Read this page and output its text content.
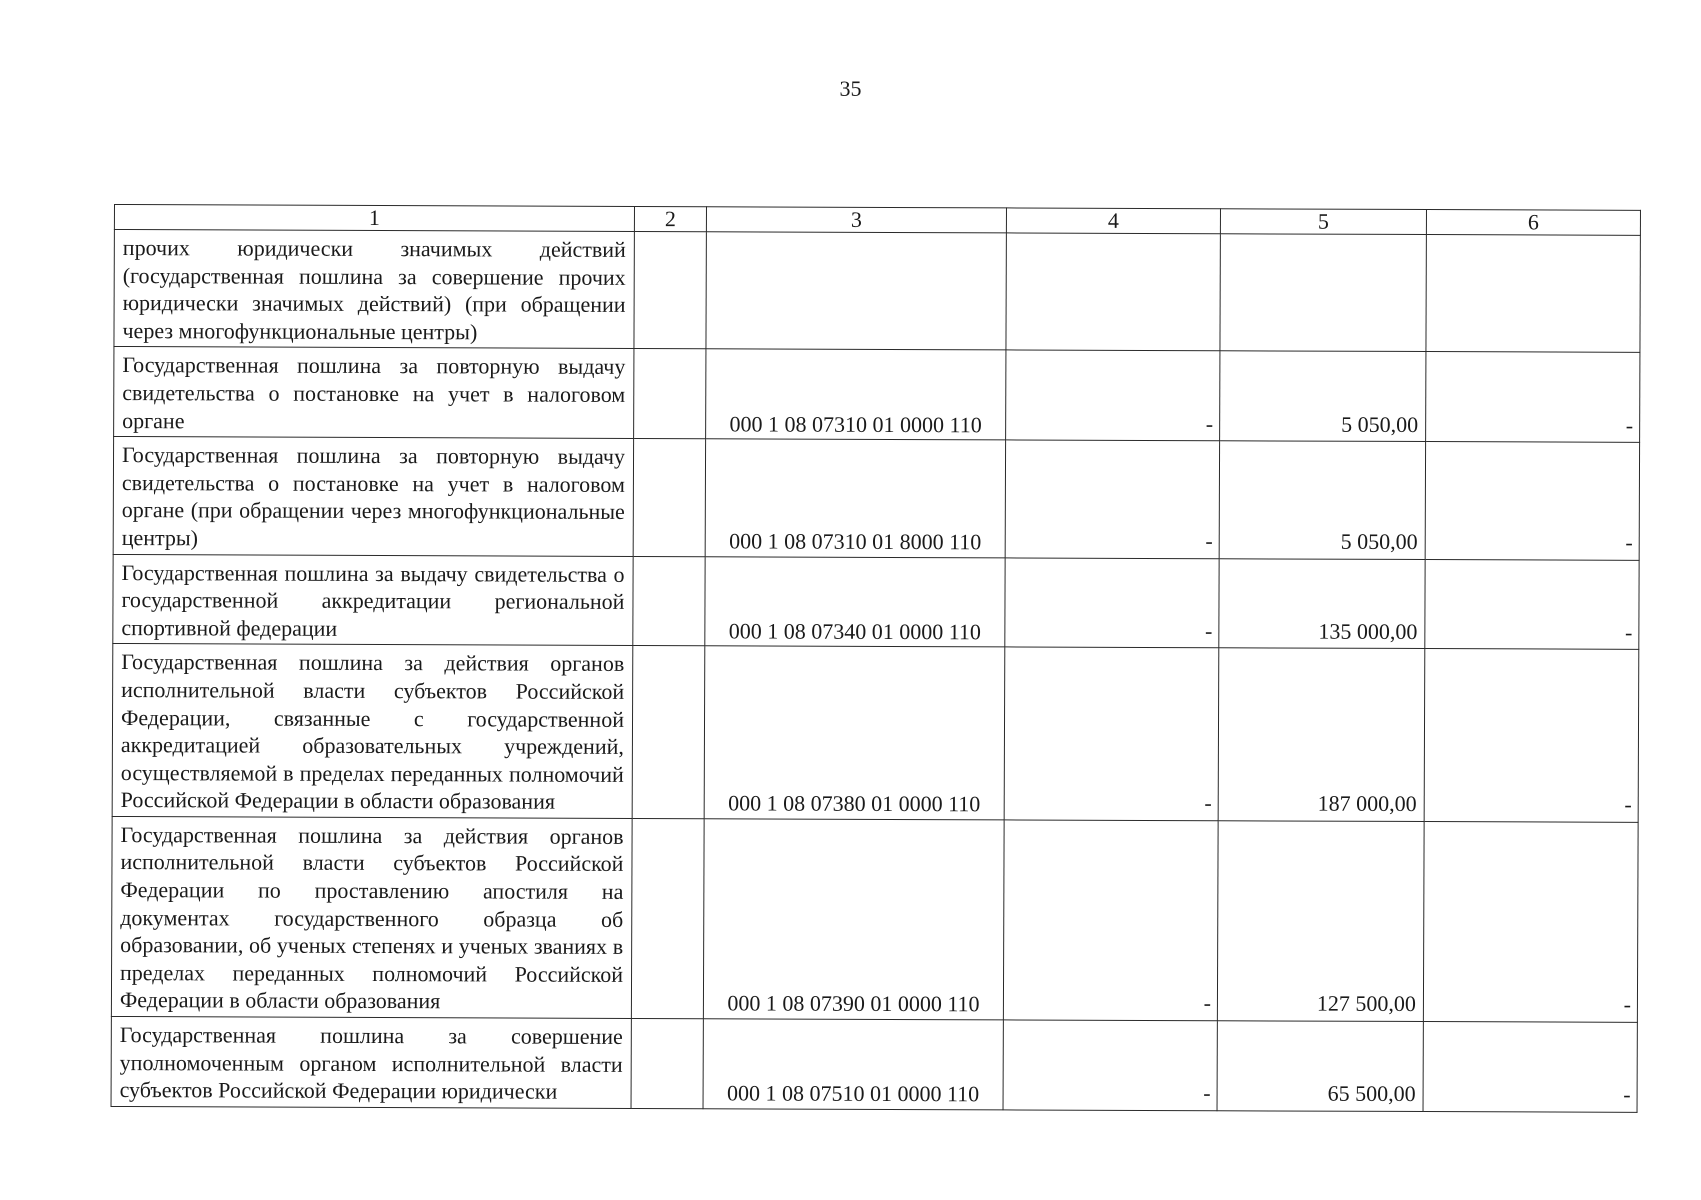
35
1	2	3	4	5	6
прочих юридически значимых действий (государственная пошлина за совершение прочих юридически значимых действий) (при обращении через многофункциональные центры)					
Государственная пошлина за повторную выдачу свидетельства о постановке на учет в налоговом органе		000 1 08 07310 01 0000 110	-	5 050,00	-
Государственная пошлина за повторную выдачу свидетельства о постановке на учет в налоговом органе (при обращении через многофункциональные центры)		000 1 08 07310 01 8000 110	-	5 050,00	-
Государственная пошлина за выдачу свидетельства о государственной аккредитации региональной спортивной федерации		000 1 08 07340 01 0000 110	-	135 000,00	-
Государственная пошлина за действия органов исполнительной власти субъектов Российской Федерации, связанные с государственной аккредитацией образовательных учреждений, осуществляемой в пределах переданных полномочий Российской Федерации в области образования		000 1 08 07380 01 0000 110	-	187 000,00	-
Государственная пошлина за действия органов исполнительной власти субъектов Российской Федерации по проставлению апостиля на документах государственного образца об образовании, об ученых степенях и ученых званиях в пределах переданных полномочий Российской Федерации в области образования		000 1 08 07390 01 0000 110	-	127 500,00	-
Государственная пошлина за совершение уполномоченным органом исполнительной власти субъектов Российской Федерации юридически		000 1 08 07510 01 0000 110	-	65 500,00	-
